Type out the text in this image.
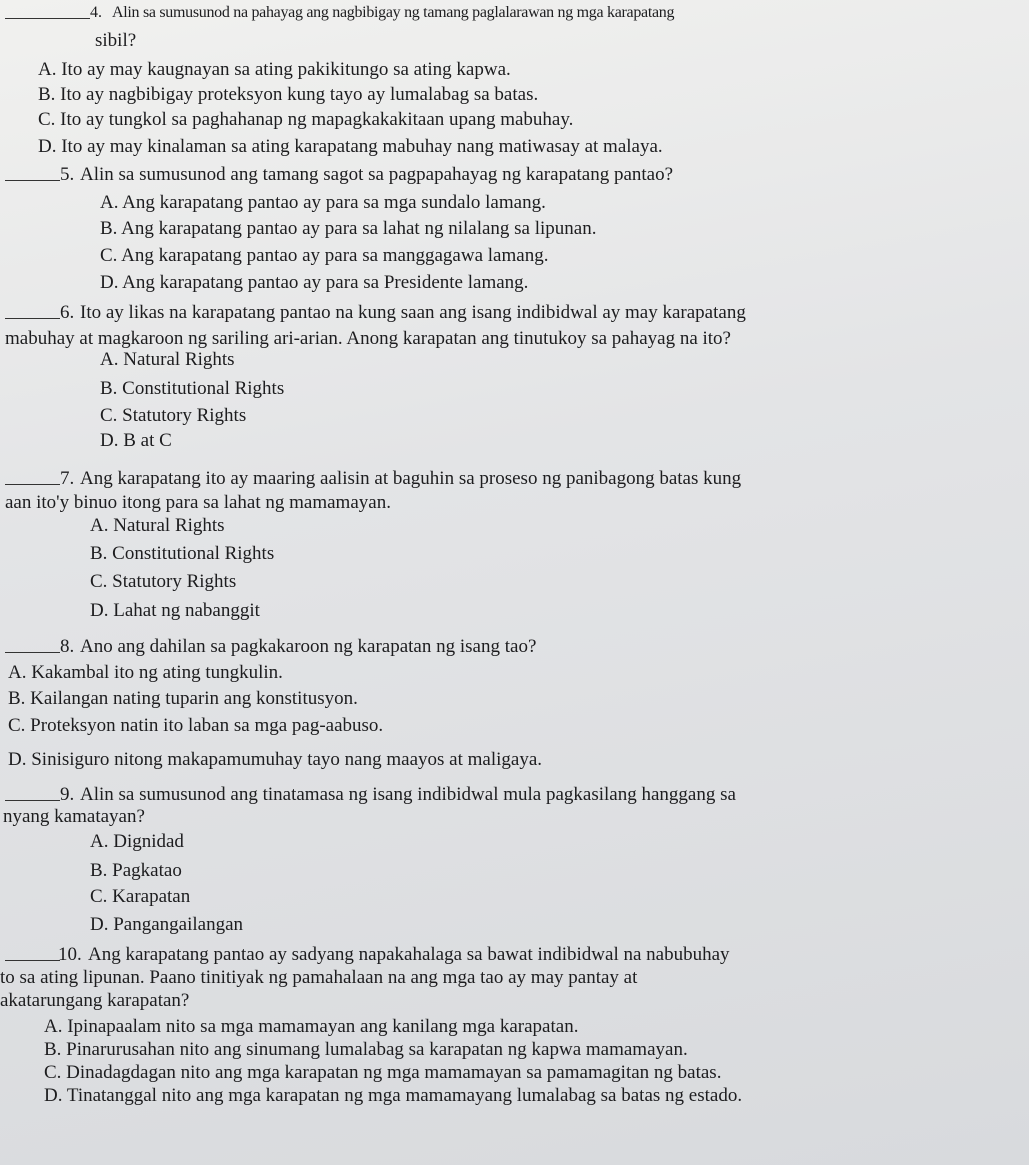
4. Alin sa sumusunod na pahayag ang nagbibigay ng tamang paglalarawan ng mga karapatang
sibil?
A. Ito ay may kaugnayan sa ating pakikitungo sa ating kapwa.
B. Ito ay nagbibigay proteksyon kung tayo ay lumalabag sa batas.
C. Ito ay tungkol sa paghahanap ng mapagkakakitaan upang mabuhay.
D. Ito ay may kinalaman sa ating karapatang mabuhay nang matiwasay at malaya.
5. Alin sa sumusunod ang tamang sagot sa pagpapahayag ng karapatang pantao?
A. Ang karapatang pantao ay para sa mga sundalo lamang.
B. Ang karapatang pantao ay para sa lahat ng nilalang sa lipunan.
C. Ang karapatang pantao ay para sa manggagawa lamang.
D. Ang karapatang pantao ay para sa Presidente lamang.
6. Ito ay likas na karapatang pantao na kung saan ang isang indibidwal ay may karapatang
mabuhay at magkaroon ng sariling ari-arian. Anong karapatan ang tinutukoy sa pahayag na ito?
A. Natural Rights
B. Constitutional Rights
C. Statutory Rights
D. B at C
7. Ang karapatang ito ay maaring aalisin at baguhin sa proseso ng panibagong batas kung
aan ito'y binuo itong para sa lahat ng mamamayan.
A. Natural Rights
B. Constitutional Rights
C. Statutory Rights
D. Lahat ng nabanggit
8. Ano ang dahilan sa pagkakaroon ng karapatan ng isang tao?
A. Kakambal ito ng ating tungkulin.
B. Kailangan nating tuparin ang konstitusyon.
C. Proteksyon natin ito laban sa mga pag-aabuso.
D. Sinisiguro nitong makapamumuhay tayo nang maayos at maligaya.
9. Alin sa sumusunod ang tinatamasa ng isang indibidwal mula pagkasilang hanggang sa
nyang kamatayan?
A. Dignidad
B. Pagkatao
C. Karapatan
D. Pangangailangan
10. Ang karapatang pantao ay sadyang napakahalaga sa bawat indibidwal na nabubuhay
to sa ating lipunan. Paano tinitiyak ng pamahalaan na ang mga tao ay may pantay at
akatarungang karapatan?
A. Ipinapaalam nito sa mga mamamayan ang kanilang mga karapatan.
B. Pinarurusahan nito ang sinumang lumalabag sa karapatan ng kapwa mamamayan.
C. Dinadagdagan nito ang mga karapatan ng mga mamamayan sa pamamagitan ng batas.
D. Tinatanggal nito ang mga karapatan ng mga mamamayang lumalabag sa batas ng estado.
